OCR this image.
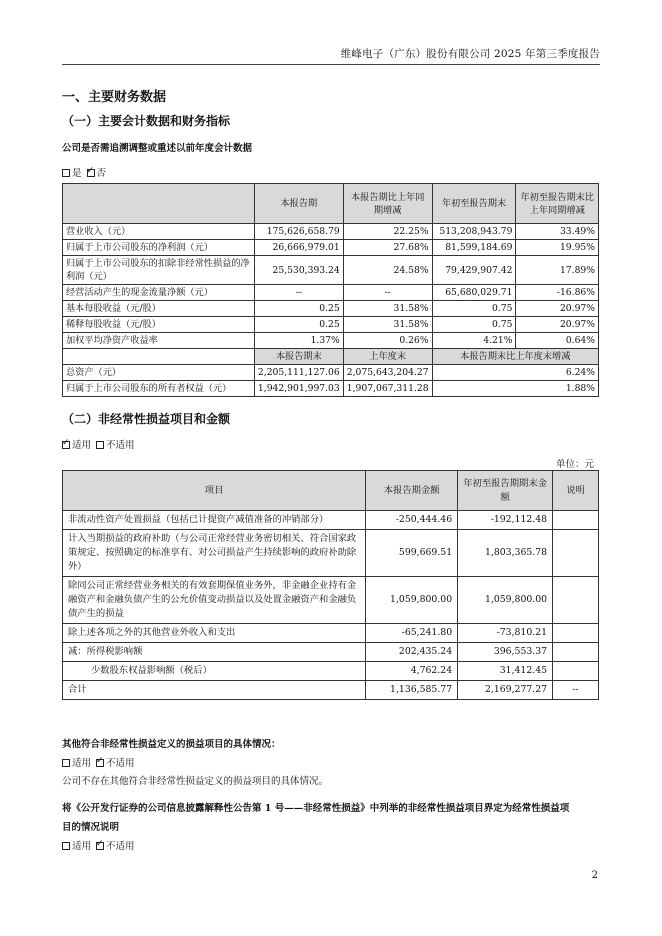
维峰电子（广东）股份有限公司 2025 年第三季度报告
一、主要财务数据
（一）主要会计数据和财务指标
公司是否需追溯调整或重述以前年度会计数据
是 ✓ 否
	本报告期	本报告期比上年同期增减	年初至报告期末	年初至报告期末比上年同期增减
营业收入（元）	175,626,658.79	22.25%	513,208,943.79	33.49%
归属于上市公司股东的净利润（元）	26,666,979.01	27.68%	81,599,184.69	19.95%
归属于上市公司股东的扣除非经常性损益的净利润（元）	25,530,393.24	24.58%	79,429,907.42	17.89%
经营活动产生的现金流量净额（元）	--	--	65,680,029.71	-16.86%
基本每股收益（元/股）	0.25	31.58%	0.75	20.97%
稀释每股收益（元/股）	0.25	31.58%	0.75	20.97%
加权平均净资产收益率	1.37%	0.26%	4.21%	0.64%
	本报告期末	上年度末	本报告期末比上年度末增减	
总资产（元）	2,205,111,127.06	2,075,643,204.27	6.24%	
归属于上市公司股东的所有者权益（元）	1,942,901,997.03	1,907,067,311.28	1.88%	
（二）非经常性损益项目和金额
✓适用 不适用
单位：元
项目	本报告期金额	年初至报告期期末金额	说明
非流动性资产处置损益（包括已计提资产减值准备的冲销部分）	-250,444.46	-192,112.48	
计入当期损益的政府补助（与公司正常经营业务密切相关、符合国家政策规定、按照确定的标准享有、对公司损益产生持续影响的政府补助除外）	599,669.51	1,803,365.78	
除同公司正常经营业务相关的有效套期保值业务外，非金融企业持有金融资产和金融负债产生的公允价值变动损益以及处置金融资产和金融负债产生的损益	1,059,800.00	1,059,800.00	
除上述各项之外的其他营业外收入和支出	-65,241.80	-73,810.21	
减：所得税影响额	202,435.24	396,553.37	
少数股东权益影响额（税后）	4,762.24	31,412.45	
合计	1,136,585.77	2,169,277.27	--
其他符合非经常性损益定义的损益项目的具体情况：
适用 ✓ 不适用
公司不存在其他符合非经常性损益定义的损益项目的具体情况。
将《公开发行证券的公司信息披露解释性公告第 1 号——非经常性损益》中列举的非经常性损益项目界定为经常性损益项
目的情况说明
适用 ✓ 不适用
2
